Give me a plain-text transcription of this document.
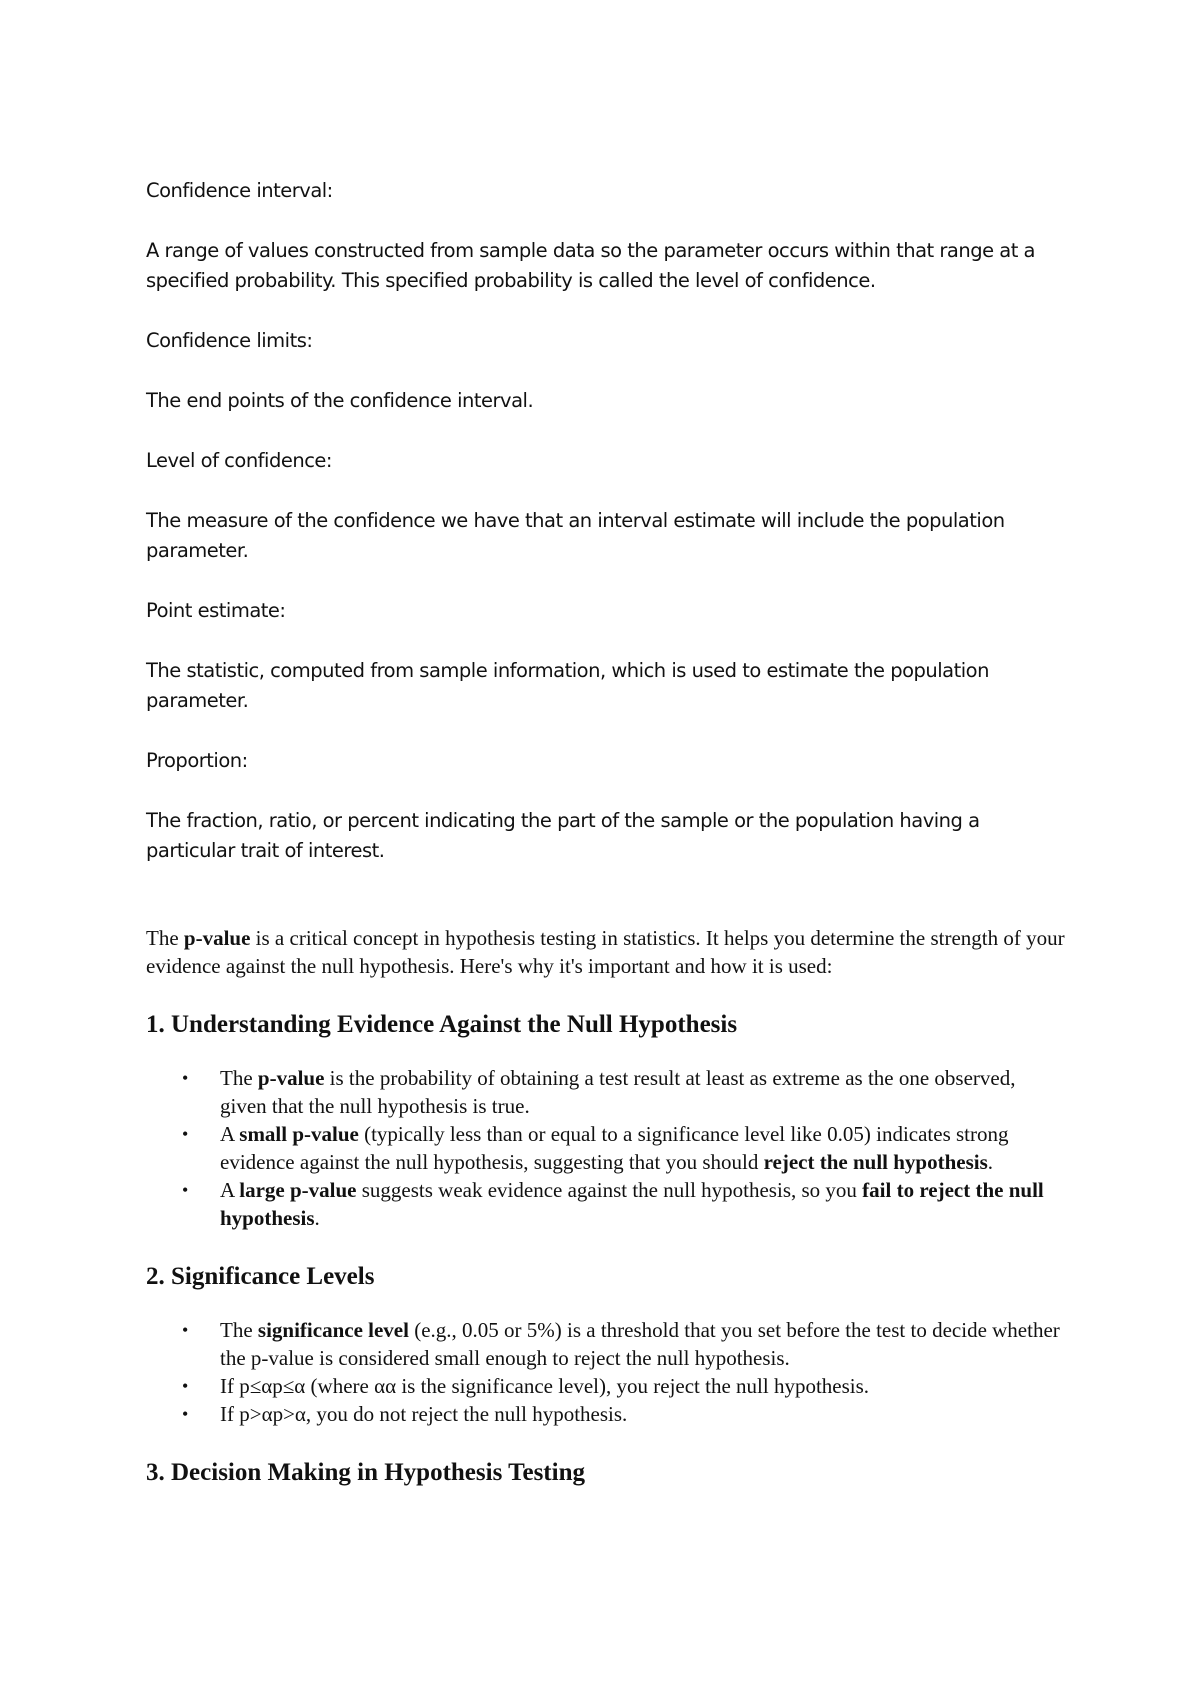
Confidence interval:

A range of values constructed from sample data so the parameter occurs within that range at a specified probability. This specified probability is called the level of confidence.

Confidence limits:

The end points of the confidence interval.

Level of confidence:

The measure of the confidence we have that an interval estimate will include the population parameter.

Point estimate:

The statistic, computed from sample information, which is used to estimate the population parameter.

Proportion:

The fraction, ratio, or percent indicating the part of the sample or the population having a particular trait of interest.

The p-value is a critical concept in hypothesis testing in statistics. It helps you determine the strength of your evidence against the null hypothesis. Here's why it's important and how it is used:

1. Understanding Evidence Against the Null Hypothesis
• The p-value is the probability of obtaining a test result at least as extreme as the one observed, given that the null hypothesis is true.
• A small p-value (typically less than or equal to a significance level like 0.05) indicates strong evidence against the null hypothesis, suggesting that you should reject the null hypothesis.
• A large p-value suggests weak evidence against the null hypothesis, so you fail to reject the null hypothesis.
2. Significance Levels
• The significance level (e.g., 0.05 or 5%) is a threshold that you set before the test to decide whether the p-value is considered small enough to reject the null hypothesis.
• If p≤αp≤α (where αα is the significance level), you reject the null hypothesis.
• If p>αp>α, you do not reject the null hypothesis.
3. Decision Making in Hypothesis Testing
